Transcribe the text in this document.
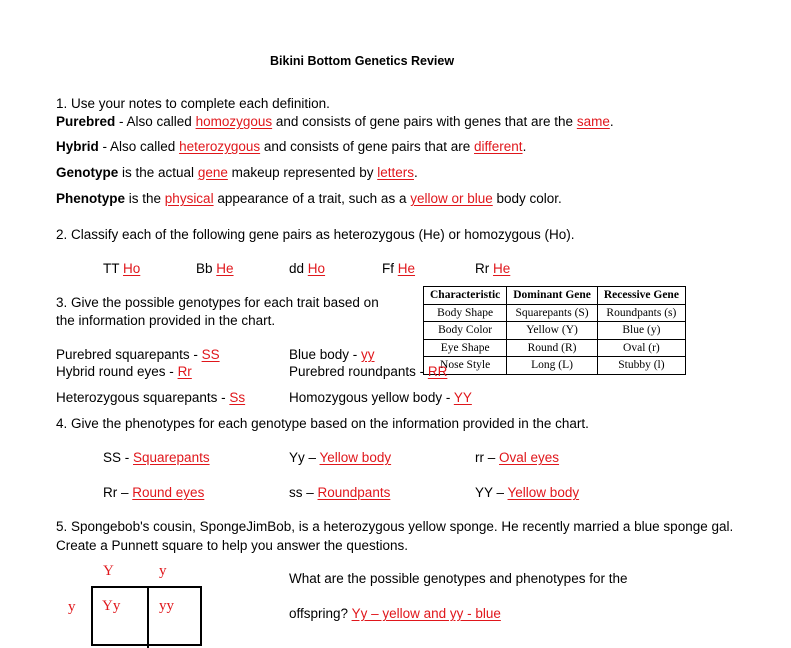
Bikini Bottom Genetics Review
1. Use your notes to complete each definition.
Purebred - Also called homozygous and consists of gene pairs with genes that are the same.
Hybrid - Also called heterozygous and consists of gene pairs that are different.
Genotype is the actual gene makeup represented by letters.
Phenotype is the physical appearance of a trait, such as a yellow or blue body color.
2. Classify each of the following gene pairs as heterozygous (He) or homozygous (Ho).
TT Ho	Bb He	dd Ho	Ff He	Rr He
3. Give the possible genotypes for each trait based on
the information provided in the chart.
Characteristic	Dominant Gene	Recessive Gene
Body Shape	Squarepants (S)	Roundpants (s)
Body Color	Yellow (Y)	Blue (y)
Eye Shape	Round (R)	Oval (r)
Nose Style	Long (L)	Stubby (l)
Purebred squarepants - SS	Blue body - yy
Hybrid round eyes - Rr	Purebred roundpants - RR
Heterozygous squarepants - Ss	Homozygous yellow body - YY
4. Give the phenotypes for each genotype based on the information provided in the chart.
SS - Squarepants	Yy – Yellow body	rr – Oval eyes
Rr – Round eyes	ss – Roundpants	YY – Yellow body
5. Spongebob's cousin, SpongeJimBob, is a heterozygous yellow sponge. He recently married a blue sponge gal.
Create a Punnett square to help you answer the questions.
Y	y
y Yy	yy
What are the possible genotypes and phenotypes for the
offspring? Yy – yellow and yy - blue
